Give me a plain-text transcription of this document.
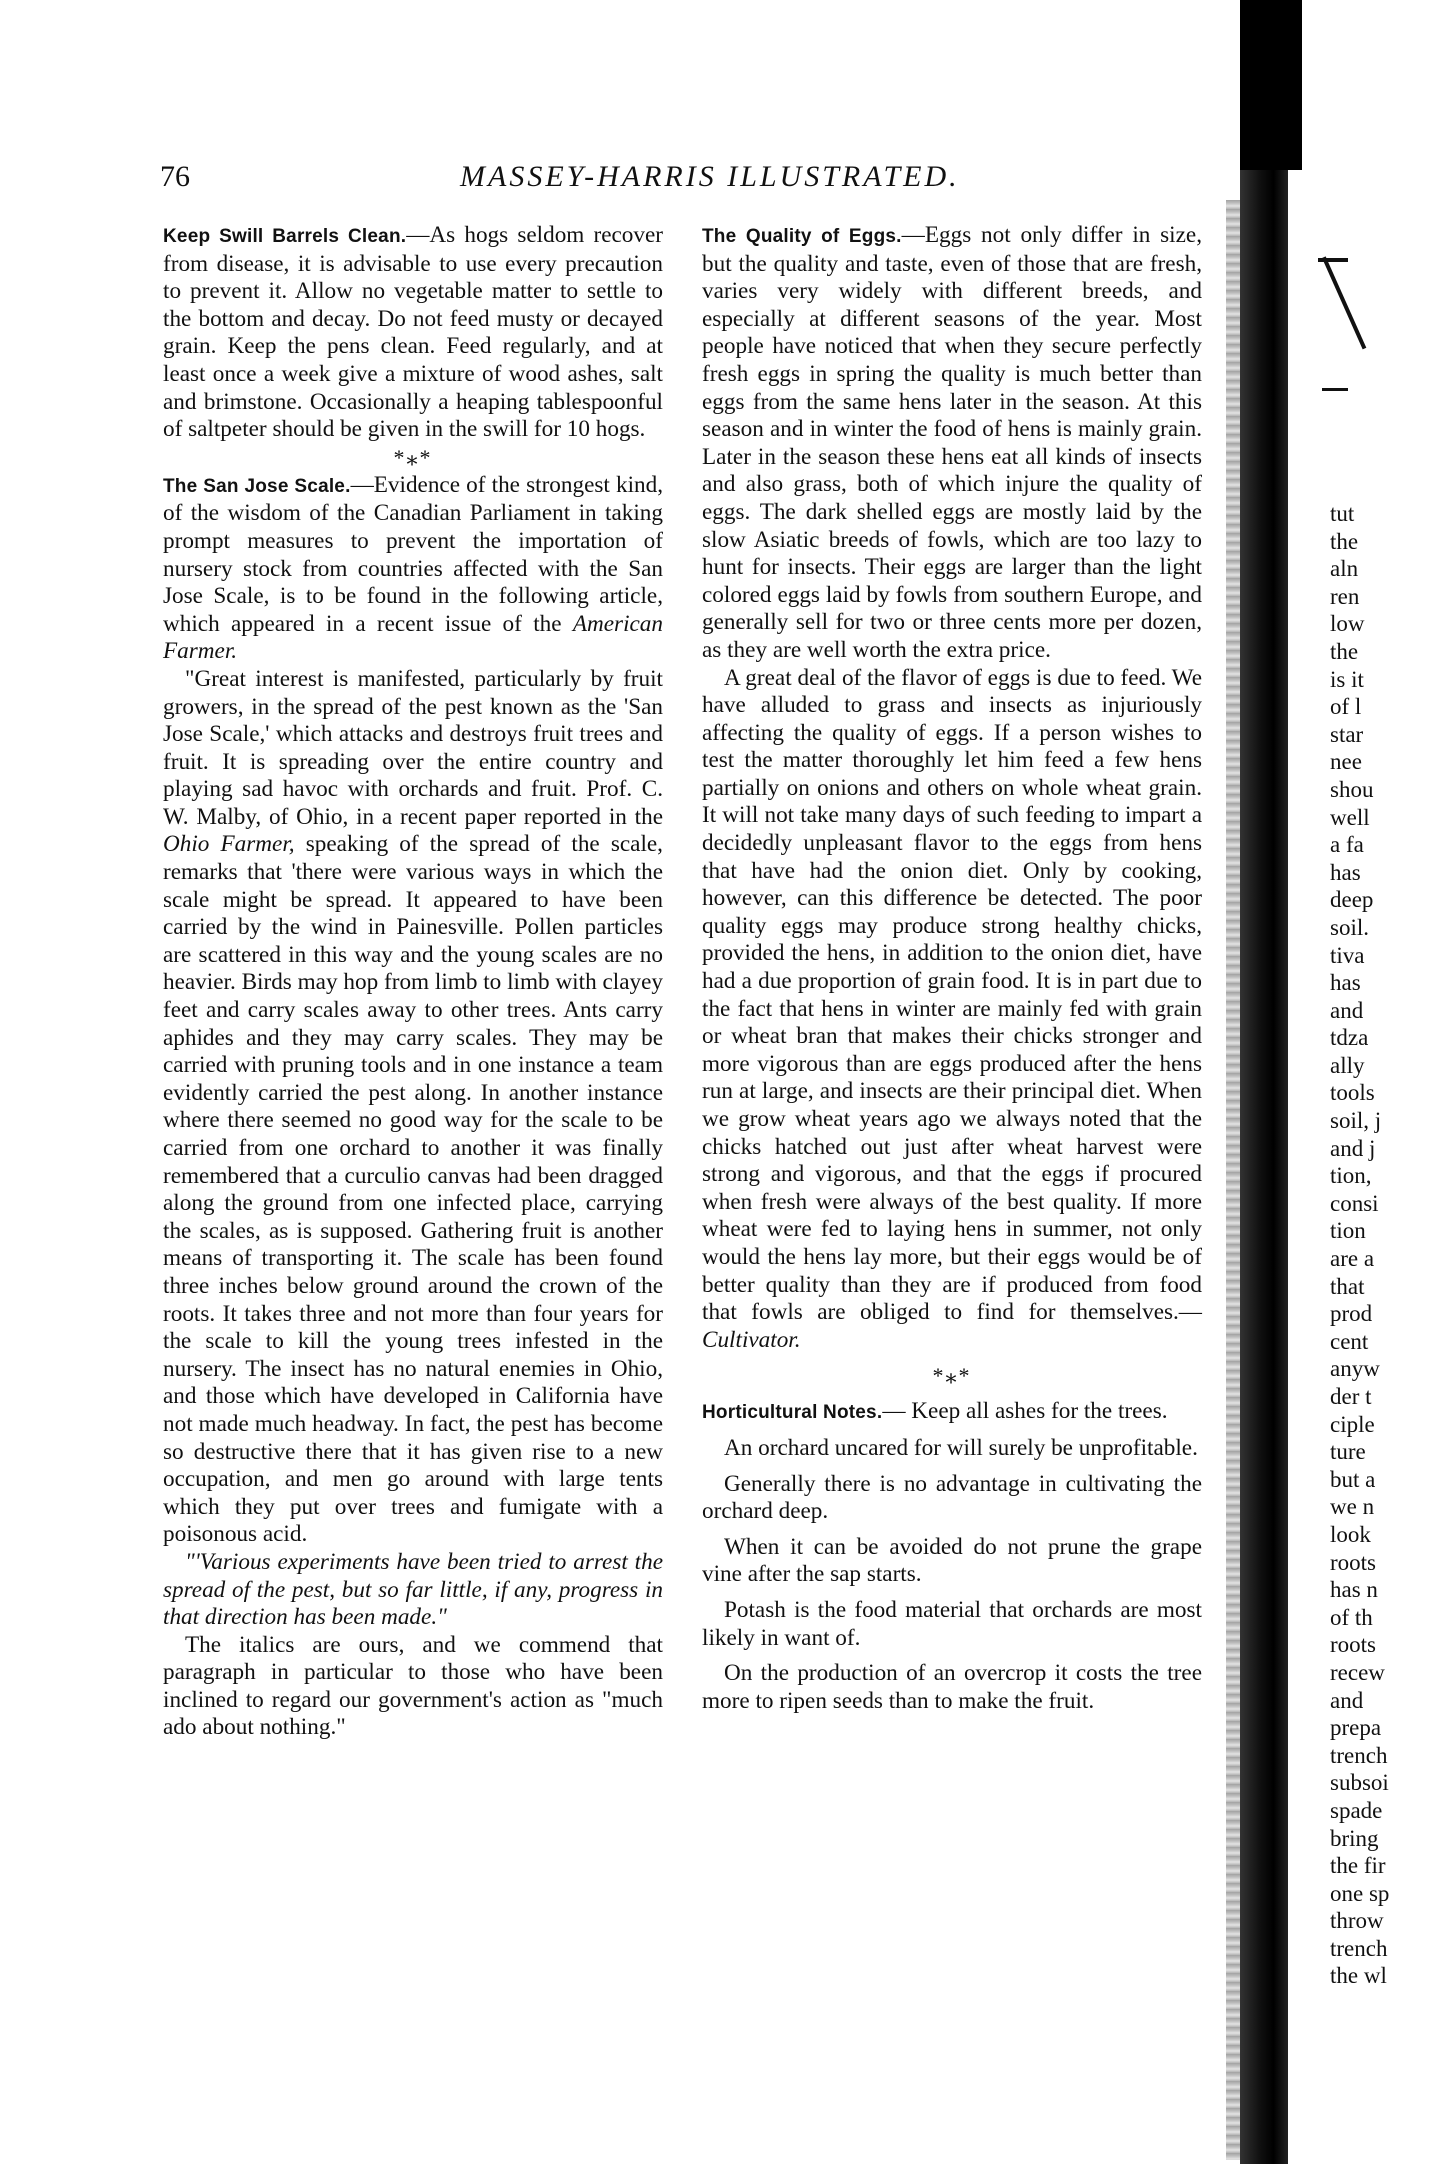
76	MASSEY-HARRIS ILLUSTRATED.

Keep Swill Barrels Clean.—As hogs seldom recover from disease, it is advisable to use every precaution to prevent it. Allow no vegetable matter to settle to the bottom and decay. Do not feed musty or decayed grain. Keep the pens clean. Feed regularly, and at least once a week give a mixture of wood ashes, salt and brimstone. Occasionally a heaping tablespoonful of saltpeter should be given in the swill for 10 hogs.

*⁎*

The San Jose Scale.—Evidence of the strongest kind, of the wisdom of the Canadian Parliament in taking prompt measures to prevent the importation of nursery stock from countries affected with the San Jose Scale, is to be found in the following article, which appeared in a recent issue of the American Farmer.

"Great interest is manifested, particularly by fruit growers, in the spread of the pest known as the 'San Jose Scale,' which attacks and destroys fruit trees and fruit. It is spreading over the entire country and playing sad havoc with orchards and fruit. Prof. C. W. Malby, of Ohio, in a recent paper reported in the Ohio Farmer, speaking of the spread of the scale, remarks that 'there were various ways in which the scale might be spread. It appeared to have been carried by the wind in Painesville. Pollen particles are scattered in this way and the young scales are no heavier. Birds may hop from limb to limb with clayey feet and carry scales away to other trees. Ants carry aphides and they may carry scales. They may be carried with pruning tools and in one instance a team evidently carried the pest along. In another instance where there seemed no good way for the scale to be carried from one orchard to another it was finally remembered that a curculio canvas had been dragged along the ground from one infected place, carrying the scales, as is supposed. Gathering fruit is another means of transporting it. The scale has been found three inches below ground around the crown of the roots. It takes three and not more than four years for the scale to kill the young trees infested in the nursery. The insect has no natural enemies in Ohio, and those which have developed in California have not made much headway. In fact, the pest has become so destructive there that it has given rise to a new occupation, and men go around with large tents which they put over trees and fumigate with a poisonous acid.

"'Various experiments have been tried to arrest the spread of the pest, but so far little, if any, progress in that direction has been made."

The italics are ours, and we commend that paragraph in particular to those who have been inclined to regard our government's action as "much ado about nothing."

The Quality of Eggs.—Eggs not only differ in size, but the quality and taste, even of those that are fresh, varies very widely with different breeds, and especially at different seasons of the year. Most people have noticed that when they secure perfectly fresh eggs in spring the quality is much better than eggs from the same hens later in the season. At this season and in winter the food of hens is mainly grain. Later in the season these hens eat all kinds of insects and also grass, both of which injure the quality of eggs. The dark shelled eggs are mostly laid by the slow Asiatic breeds of fowls, which are too lazy to hunt for insects. Their eggs are larger than the light colored eggs laid by fowls from southern Europe, and generally sell for two or three cents more per dozen, as they are well worth the extra price.

A great deal of the flavor of eggs is due to feed. We have alluded to grass and insects as injuriously affecting the quality of eggs. If a person wishes to test the matter thoroughly let him feed a few hens partially on onions and others on whole wheat grain. It will not take many days of such feeding to impart a decidedly unpleasant flavor to the eggs from hens that have had the onion diet. Only by cooking, however, can this difference be detected. The poor quality eggs may produce strong healthy chicks, provided the hens, in addition to the onion diet, have had a due proportion of grain food. It is in part due to the fact that hens in winter are mainly fed with grain or wheat bran that makes their chicks stronger and more vigorous than are eggs produced after the hens run at large, and insects are their principal diet. When we grow wheat years ago we always noted that the chicks hatched out just after wheat harvest were strong and vigorous, and that the eggs if procured when fresh were always of the best quality. If more wheat were fed to laying hens in summer, not only would the hens lay more, but their eggs would be of better quality than they are if produced from food that fowls are obliged to find for themselves.—Cultivator.

*⁎*

Horticultural Notes.— Keep all ashes for the trees.

An orchard uncared for will surely be unprofitable.

Generally there is no advantage in cultivating the orchard deep.

When it can be avoided do not prune the grape vine after the sap starts.

Potash is the food material that orchards are most likely in want of.

On the production of an overcrop it costs the tree more to ripen seeds than to make the fruit.

tut
the
aln
ren
low
the
is it
of l
star
nee
shou
well
a fa
has
deep
soil.
tiva
has
and
tdza
ally
tools
soil, j
and j
tion,
consi
tion
are a
that
prod
cent
anyw
der t
ciple
ture
but a
we n
look
roots
has n
of th
roots
recew
and
prepa
trench
subsoi
spade
bring
the fir
one sp
throw
trench
the wl
